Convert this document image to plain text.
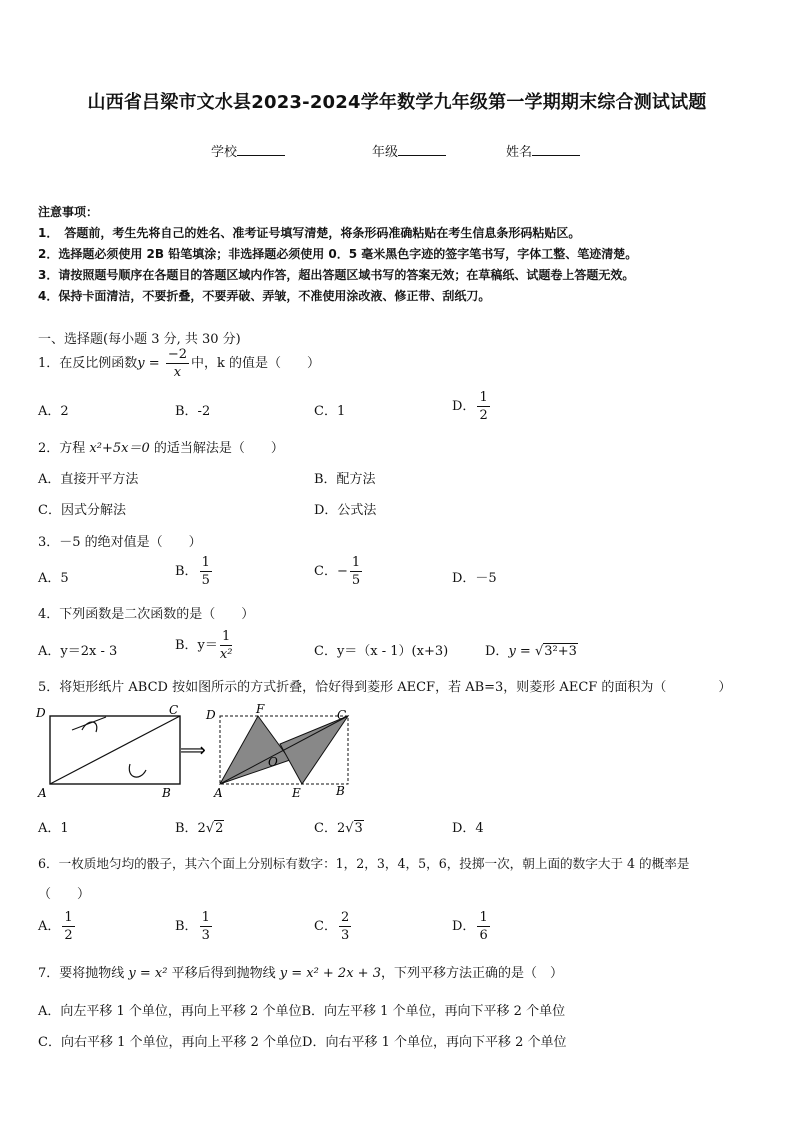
山西省吕梁市文水县2023-2024学年数学九年级第一学期期末综合测试试题
学校	年级	姓名
注意事项：
1．　答题前，考生先将自己的姓名、准考证号填写清楚，将条形码准确粘贴在考生信息条形码粘贴区。
2．选择题必须使用 2B 铅笔填涂；非选择题必须使用 0．5 毫米黑色字迹的签字笔书写，字体工整、笔迹清楚。
3．请按照题号顺序在各题目的答题区域内作答，超出答题区域书写的答案无效；在草稿纸、试题卷上答题无效。
4．保持卡面清洁，不要折叠，不要弄破、弄皱，不准使用涂改液、修正带、刮纸刀。
一、选择题(每小题 3 分, 共 30 分)
1．在反比例函数$y = \frac{-2}{x}$ 中，k 的值是（　　）
A．2	B．-2	C．1	D． $\frac{1}{2}$
2．方程 x²+5x＝0 的适当解法是（　　）
A．直接开平方法	B．配方法
C．因式分解法	D．公式法
3．－5 的绝对值是（　　）
A．5	B． $\frac{1}{5}$	C．− $\frac{1}{5}$	D．－5
4．下列函数是二次函数的是（　　）
A．y＝2x - 3	B．$y= \frac{1}{\text{x²}}$	C．y＝（x - 1）(x+3)	D．y = √3²+3
5．将矩形纸片 ABCD 按如图所示的方式折叠，恰好得到菱形 AECF，若 AB=3，则菱形 AECF 的面积为（　　　　）
D	C
A	B
⟹
D	F	C
O
A	E	B
A．1	B．2√2	C．2√3	D．4
6．一枚质地匀均的骰子，其六个面上分别标有数字：1，2，3，4，5，6，投掷一次，朝上面的数字大于 4 的概率是
（　　）
A． $\frac{1}{2}$	B． $\frac{1}{3}$	C． $\frac{2}{3}$	D． $\frac{1}{6}$
7．要将抛物线 y = x² 平移后得到抛物线 y = x² + 2x + 3，下列平移方法正确的是（　）
A．向左平移 1 个单位，再向上平移 2 个单位B．向左平移 1 个单位，再向下平移 2 个单位
C．向右平移 1 个单位，再向上平移 2 个单位D．向右平移 1 个单位，再向下平移 2 个单位
